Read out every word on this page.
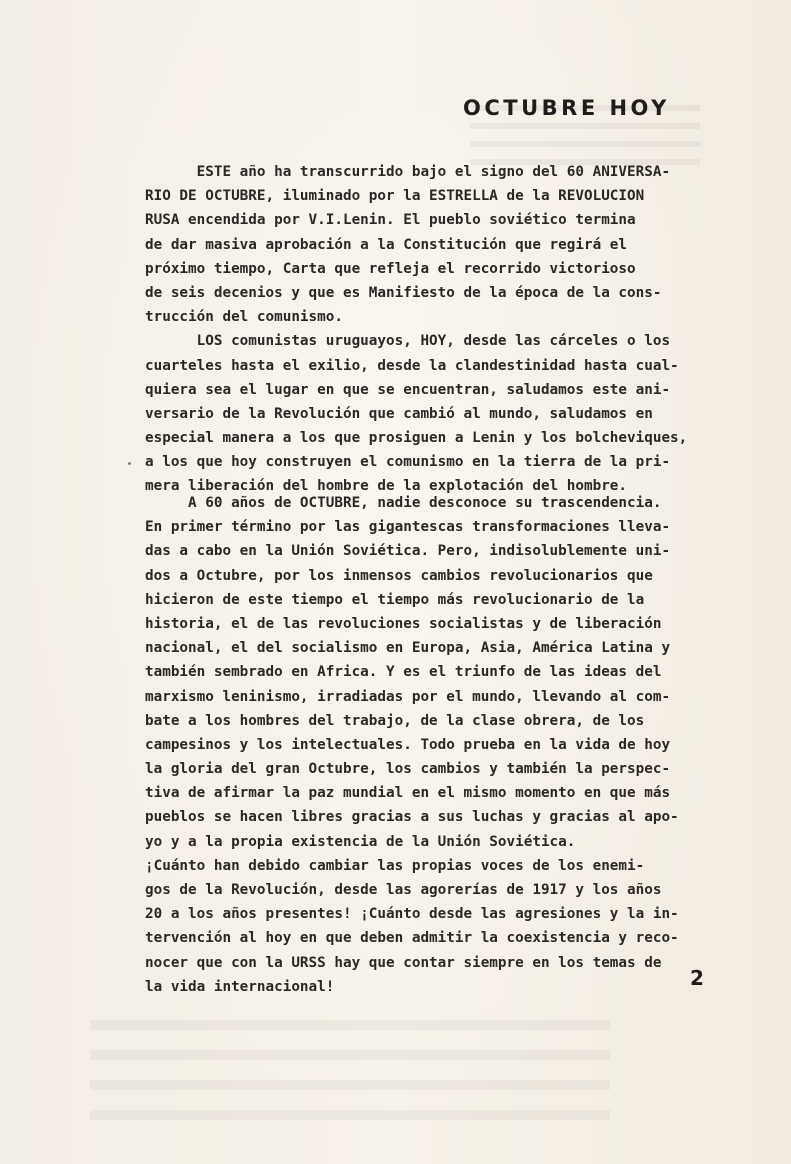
OCTUBRE HOY
ESTE año ha transcurrido bajo el signo del 60 ANIVERSA-
RIO DE OCTUBRE, iluminado por la ESTRELLA de la REVOLUCION
RUSA encendida por V.I.Lenin. El pueblo soviético termina
de dar masiva aprobación a la Constitución que regirá el
próximo tiempo, Carta que refleja el recorrido victorioso
de seis decenios y que es Manifiesto de la época de la cons-
trucción del comunismo.
LOS comunistas uruguayos, HOY, desde las cárceles o los
cuarteles hasta el exilio, desde la clandestinidad hasta cual-
quiera sea el lugar en que se encuentran, saludamos este ani-
versario de la Revolución que cambió al mundo, saludamos en
especial manera a los que prosiguen a Lenin y los bolcheviques,
a los que hoy construyen el comunismo en la tierra de la pri-
mera liberación del hombre de la explotación del hombre.
A 60 años de OCTUBRE, nadie desconoce su trascendencia.
En primer término por las gigantescas transformaciones lleva-
das a cabo en la Unión Soviética. Pero, indisolublemente uni-
dos a Octubre, por los inmensos cambios revolucionarios que
hicieron de este tiempo el tiempo más revolucionario de la
historia, el de las revoluciones socialistas y de liberación
nacional, el del socialismo en Europa, Asia, América Latina y
también sembrado en Africa. Y es el triunfo de las ideas del
marxismo leninismo, irradiadas por el mundo, llevando al com-
bate a los hombres del trabajo, de la clase obrera, de los
campesinos y los intelectuales. Todo prueba en la vida de hoy
la gloria del gran Octubre, los cambios y también la perspec-
tiva de afirmar la paz mundial en el mismo momento en que más
pueblos se hacen libres gracias a sus luchas y gracias al apo-
yo y a la propia existencia de la Unión Soviética.
¡Cuánto han debido cambiar las propias voces de los enemi-
gos de la Revolución, desde las agorerías de 1917 y los años
20 a los años presentes! ¡Cuánto desde las agresiones y la in-
tervención al hoy en que deben admitir la coexistencia y reco-
nocer que con la URSS hay que contar siempre en los temas de
la vida internacional!	2
